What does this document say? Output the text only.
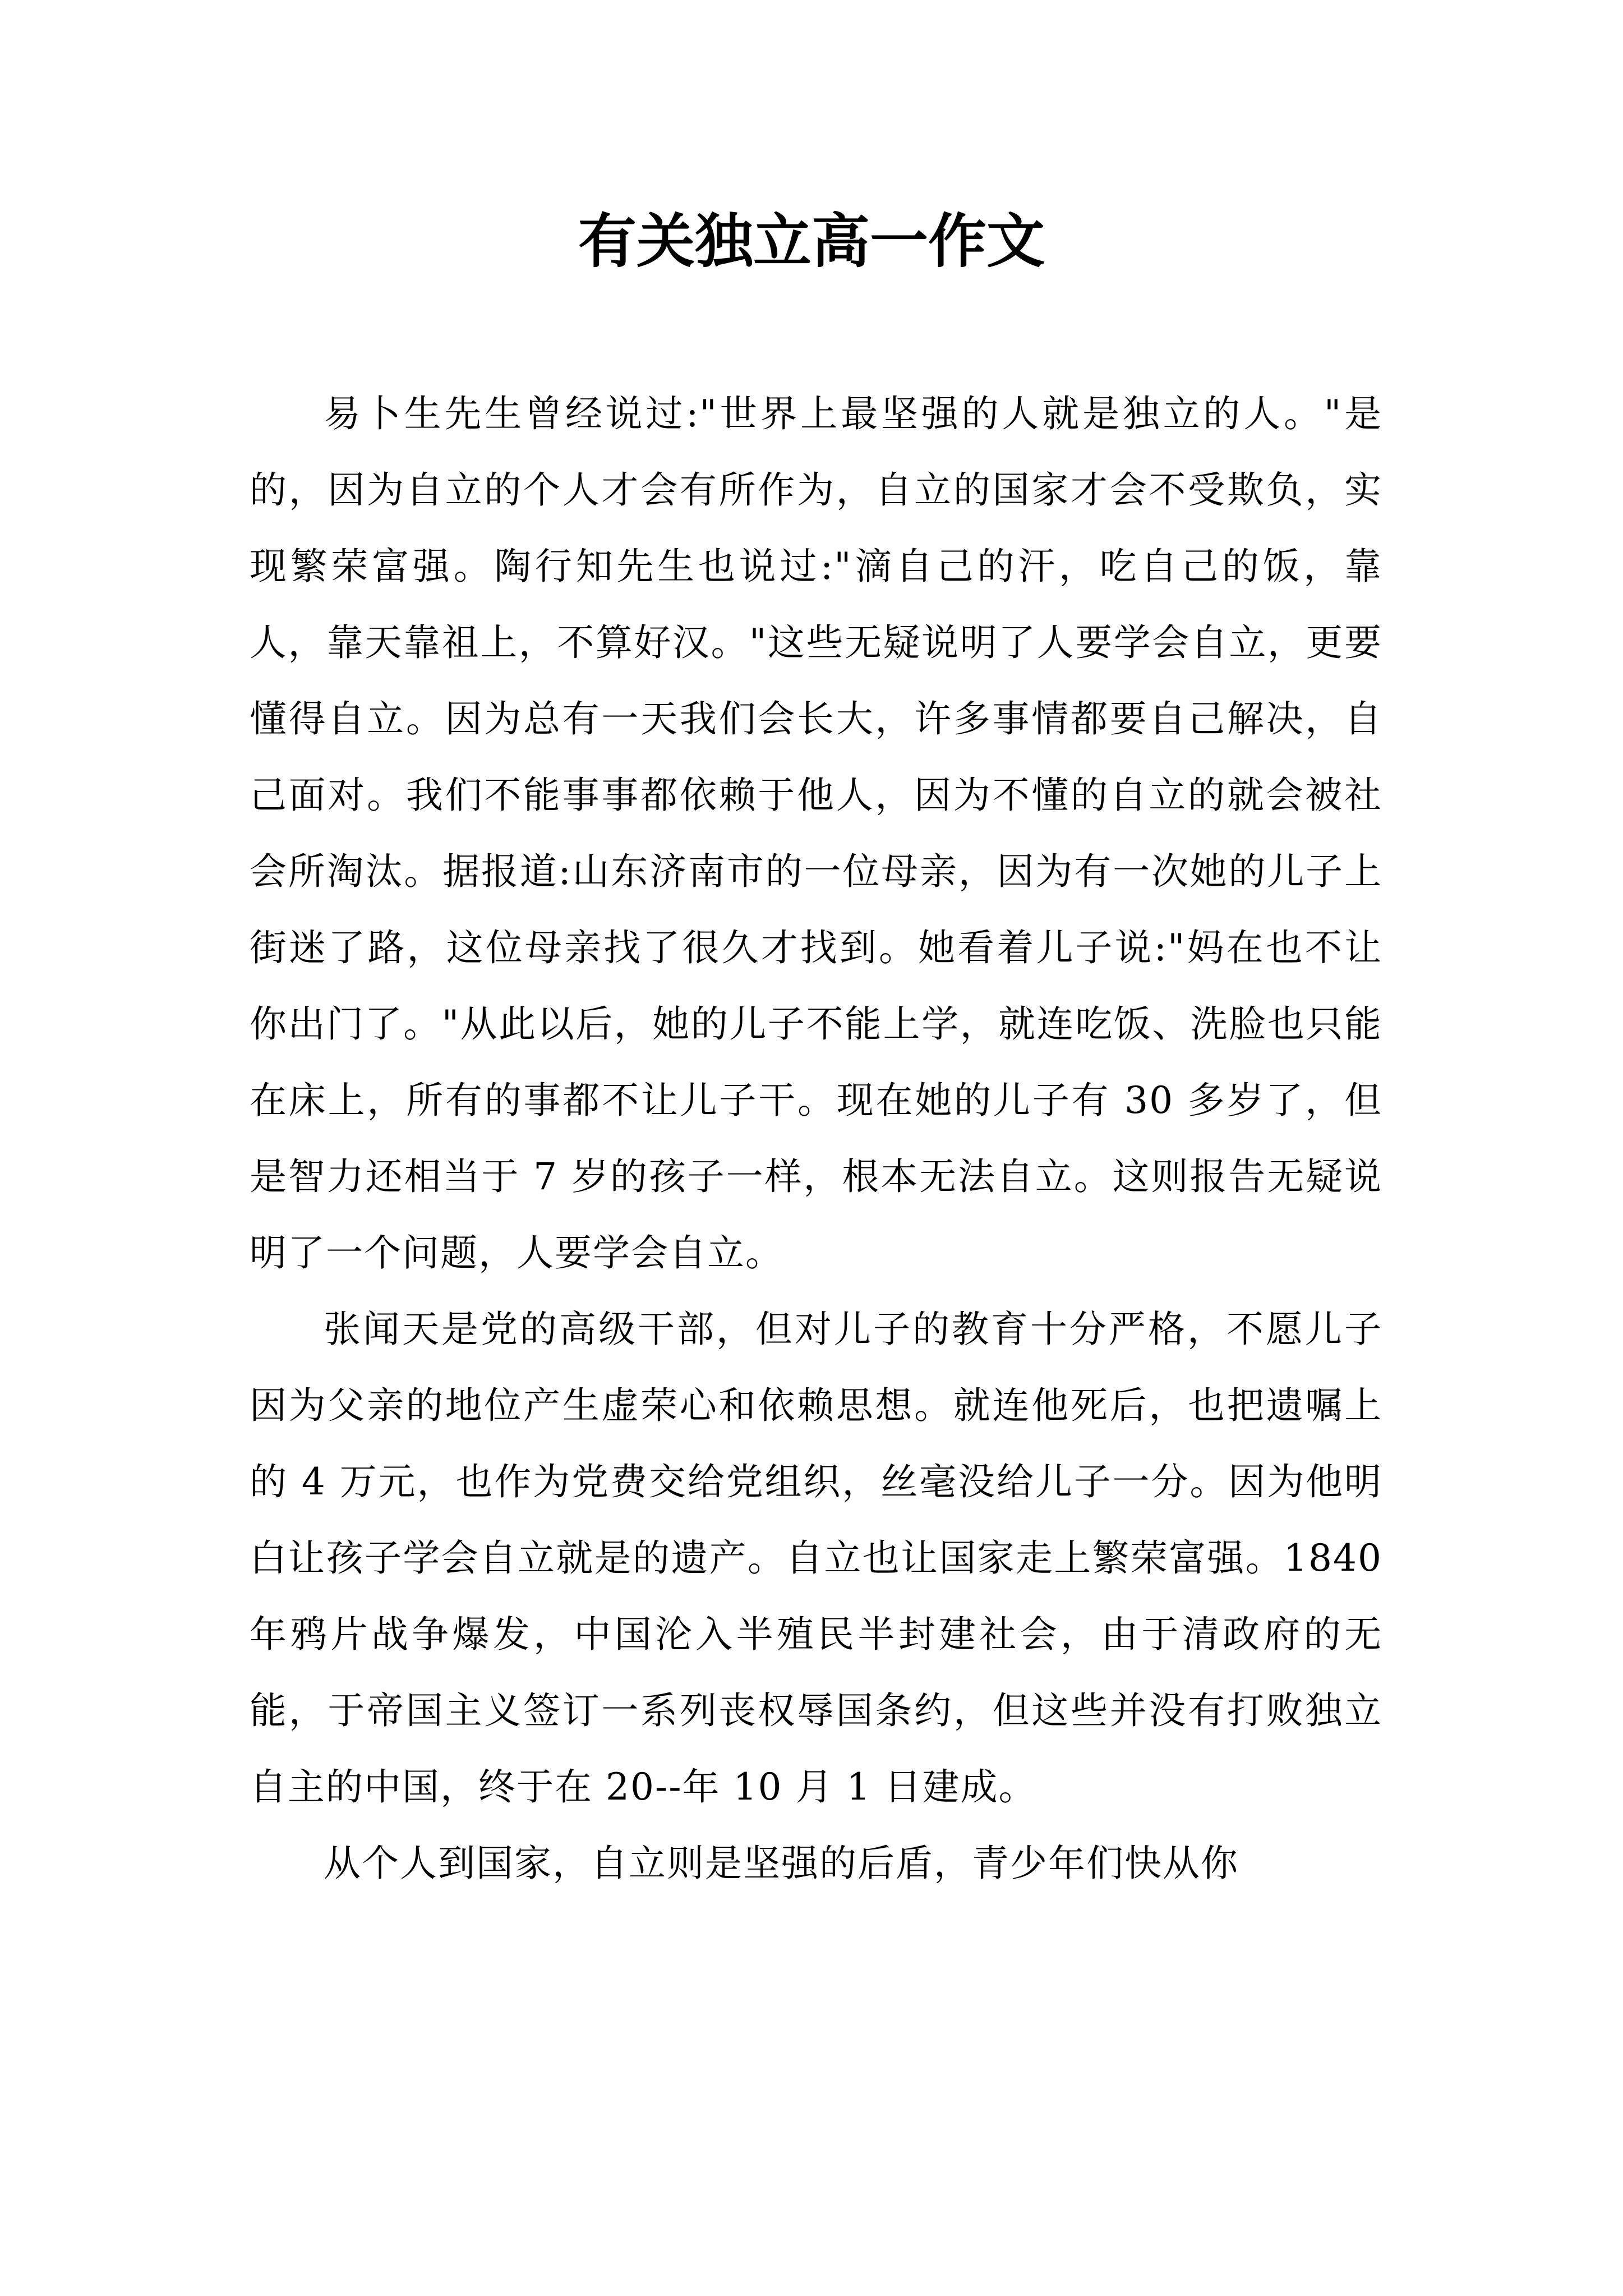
有关独立高一作文

易卜生先生曾经说过:"世界上最坚强的人就是独立的人。"是的，因为自立的个人才会有所作为，自立的国家才会不受欺负，实现繁荣富强。陶行知先生也说过:"滴自己的汗，吃自己的饭，靠人，靠天靠祖上，不算好汉。"这些无疑说明了人要学会自立，更要懂得自立。因为总有一天我们会长大，许多事情都要自己解决，自己面对。我们不能事事都依赖于他人，因为不懂的自立的就会被社会所淘汰。据报道:山东济南市的一位母亲，因为有一次她的儿子上街迷了路，这位母亲找了很久才找到。她看着儿子说:"妈在也不让你出门了。"从此以后，她的儿子不能上学，就连吃饭、洗脸也只能在床上，所有的事都不让儿子干。现在她的儿子有 30 多岁了，但是智力还相当于 7 岁的孩子一样，根本无法自立。这则报告无疑说明了一个问题，人要学会自立。

张闻天是党的高级干部，但对儿子的教育十分严格，不愿儿子因为父亲的地位产生虚荣心和依赖思想。就连他死后，也把遗嘱上的 4 万元，也作为党费交给党组织，丝毫没给儿子一分。因为他明白让孩子学会自立就是的遗产。自立也让国家走上繁荣富强。1840 年鸦片战争爆发，中国沦入半殖民半封建社会，由于清政府的无能，于帝国主义签订一系列丧权辱国条约，但这些并没有打败独立自主的中国，终于在 20--年 10 月 1 日建成。

从个人到国家，自立则是坚强的后盾，青少年们快从你
